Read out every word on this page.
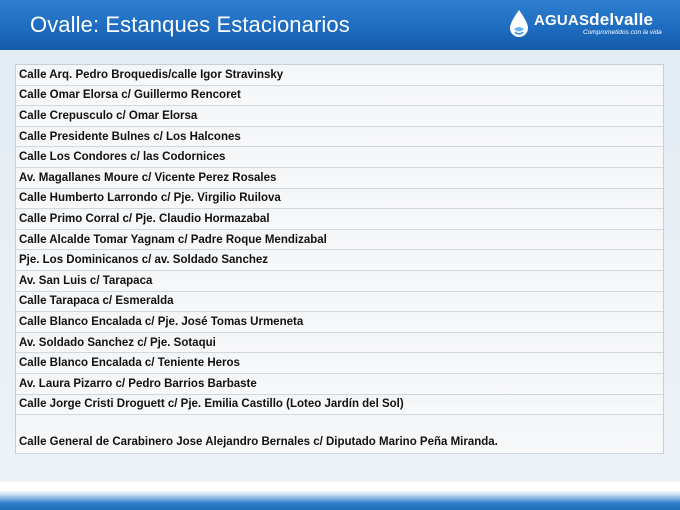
Ovalle: Estanques Estacionarios	AGUASdelvalle
Comprometidos con la vida
Calle Arq. Pedro Broquedis/calle Igor Stravinsky
Calle Omar Elorsa c/ Guillermo Rencoret
Calle Crepusculo c/ Omar Elorsa
Calle Presidente Bulnes c/ Los Halcones
Calle Los Condores c/ las Codornices
Av. Magallanes Moure c/ Vicente Perez Rosales
Calle Humberto Larrondo c/ Pje. Virgilio Ruilova
Calle Primo Corral c/ Pje. Claudio Hormazabal
Calle Alcalde Tomar Yagnam c/ Padre Roque Mendizabal
Pje. Los Dominicanos c/ av. Soldado Sanchez
Av. San Luis c/ Tarapaca
Calle Tarapaca c/ Esmeralda
Calle Blanco Encalada c/ Pje. José Tomas Urmeneta
Av. Soldado Sanchez c/ Pje. Sotaqui
Calle Blanco Encalada c/ Teniente Heros
Av. Laura Pizarro c/ Pedro Barrios Barbaste
Calle Jorge Cristi Droguett c/ Pje. Emilia Castillo (Loteo Jardín del Sol)
Calle General de Carabinero Jose Alejandro Bernales c/ Diputado Marino Peña Miranda.
